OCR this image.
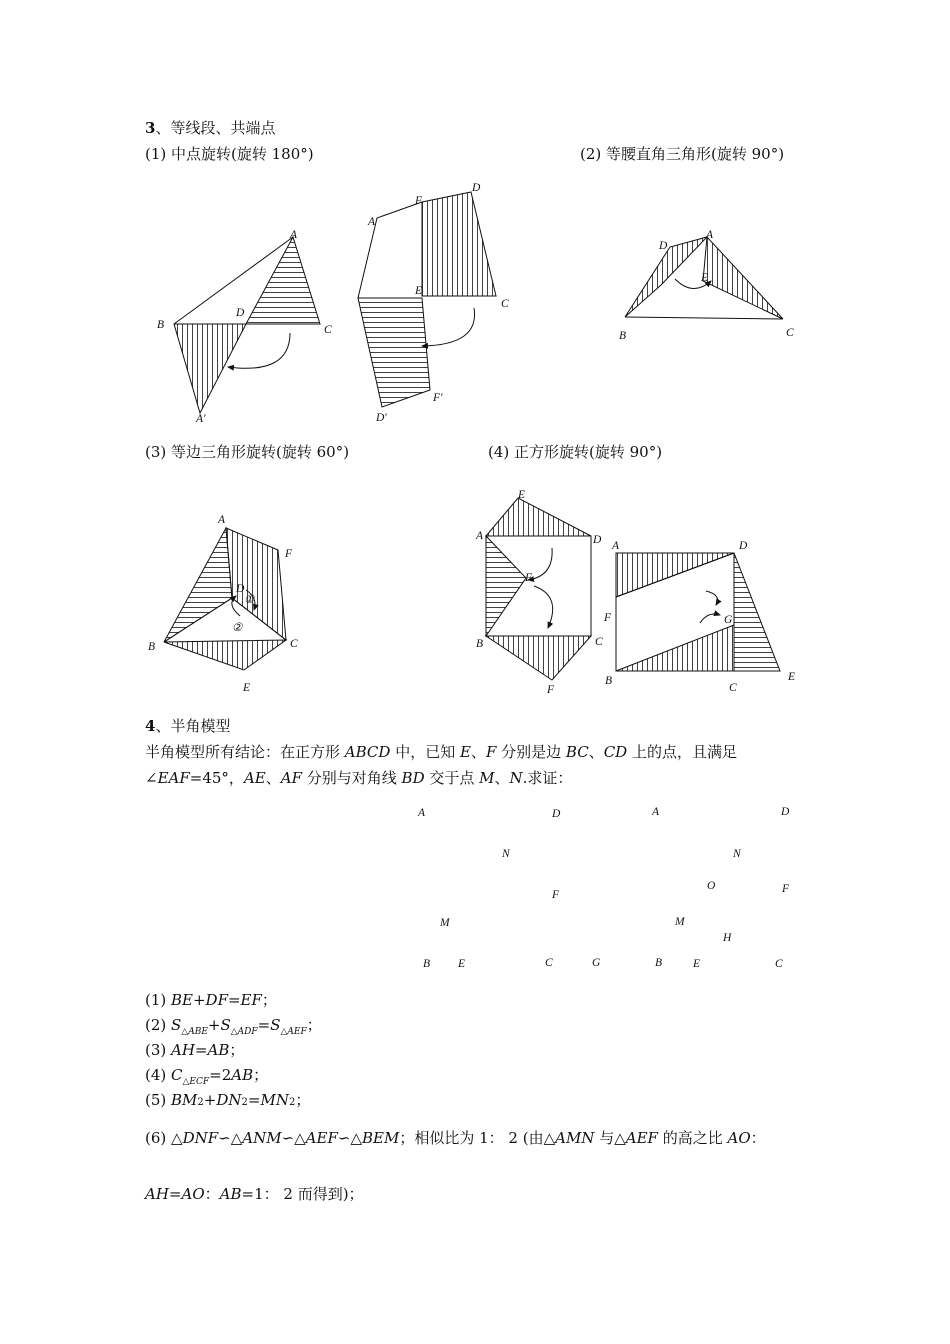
3、等线段、共端点
(1) 中点旋转(旋转 180°)	(2) 等腰直角三角形(旋转 90°)
A
B
D
C
A′
A
F
D
E
C
D′
F′
D
A
E
B	C
(3) 等边三角形旋转(旋转 60°)	(4) 正方形旋转(旋转 90°)
A
F
D
①
②
B	C
E
E
A	D
F
B	C
F
A	D
F	G
B
C
E
4、半角模型
半角模型所有结论：在正方形 ABCD 中，已知 E、F 分别是边 BC、CD 上的点，且满足
∠EAF=45°，AE、AF 分别与对角线 BD 交于点 M、N.求证：
A	D
N
F
M
B E	C	G
A	D
N
O	F
M
H
B	E	C
(1) BE+DF=EF；
(2) $S_{\triangle ABE}+S_{\triangle ADF}=S_{\triangle AEF}$；
(3) AH=AB；
(4) $C_{\triangle ECF}=2AB$；
(5) BM2+DN2=MN2；
(6) △DNF∽△ANM∽△AEF∽△BEM；相似比为 1： 2 (由△AMN 与△AEF 的高之比 AO：
AH=AO：AB=1： 2 而得到)；
